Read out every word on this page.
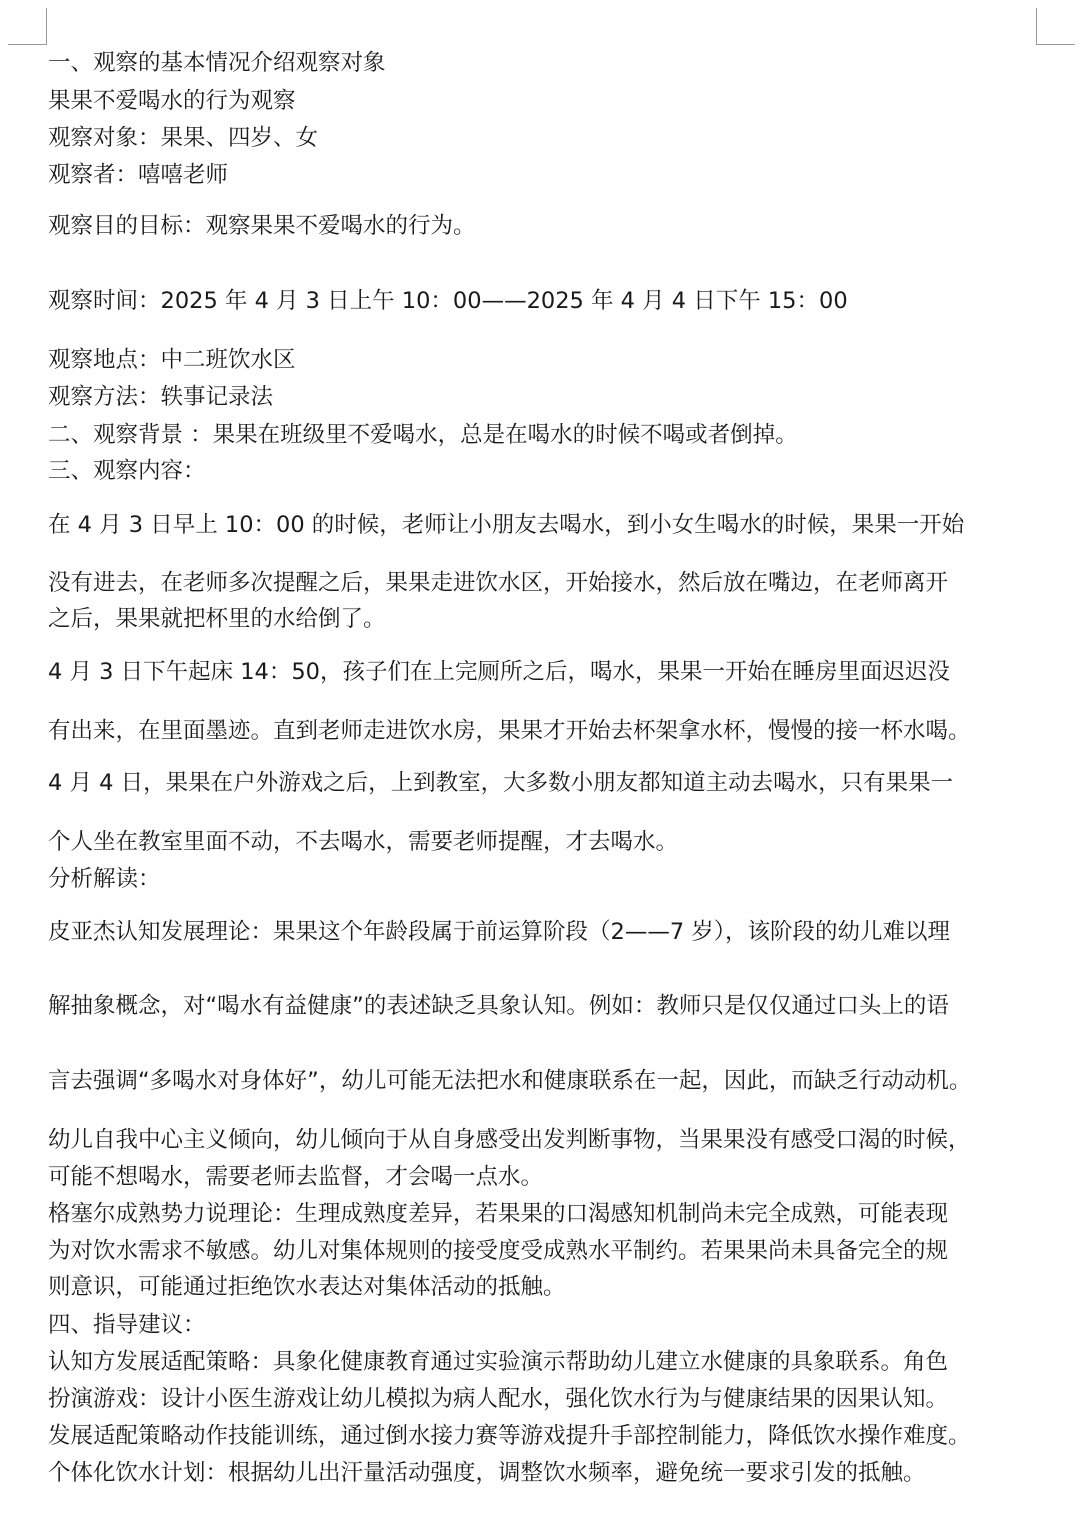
一、观察的基本情况介绍观察对象
果果不爱喝水的行为观察
观察对象：果果、四岁、女
观察者：嘻嘻老师
观察目的目标：观察果果不爱喝水的行为。
观察时间：2025 年 4 月 3 日上午 10：00——2025 年 4 月 4 日下午 15：00
观察地点：中二班饮水区
观察方法：轶事记录法
二、观察背景 ：果果在班级里不爱喝水，总是在喝水的时候不喝或者倒掉。
三、观察内容：
在 4 月 3 日早上 10：00 的时候，老师让小朋友去喝水，到小女生喝水的时候，果果一开始
没有进去，在老师多次提醒之后，果果走进饮水区，开始接水，然后放在嘴边，在老师离开
之后，果果就把杯里的水给倒了。
4 月 3 日下午起床 14：50，孩子们在上完厕所之后，喝水，果果一开始在睡房里面迟迟没
有出来，在里面墨迹。直到老师走进饮水房，果果才开始去杯架拿水杯，慢慢的接一杯水喝。
4 月 4 日，果果在户外游戏之后，上到教室，大多数小朋友都知道主动去喝水，只有果果一
个人坐在教室里面不动，不去喝水，需要老师提醒，才去喝水。
分析解读：
皮亚杰认知发展理论：果果这个年龄段属于前运算阶段（2——7 岁），该阶段的幼儿难以理
解抽象概念，对“喝水有益健康”的表述缺乏具象认知。例如：教师只是仅仅通过口头上的语
言去强调“多喝水对身体好”，幼儿可能无法把水和健康联系在一起，因此，而缺乏行动动机。
幼儿自我中心主义倾向，幼儿倾向于从自身感受出发判断事物，当果果没有感受口渴的时候，
可能不想喝水，需要老师去监督，才会喝一点水。
格塞尔成熟势力说理论：生理成熟度差异，若果果的口渴感知机制尚未完全成熟，可能表现
为对饮水需求不敏感。幼儿对集体规则的接受度受成熟水平制约。若果果尚未具备完全的规
则意识，可能通过拒绝饮水表达对集体活动的抵触。
四、指导建议：
认知方发展适配策略：具象化健康教育通过实验演示帮助幼儿建立水健康的具象联系。角色
扮演游戏：设计小医生游戏让幼儿模拟为病人配水，强化饮水行为与健康结果的因果认知。
发展适配策略动作技能训练，通过倒水接力赛等游戏提升手部控制能力，降低饮水操作难度。
个体化饮水计划：根据幼儿出汗量活动强度，调整饮水频率，避免统一要求引发的抵触。
